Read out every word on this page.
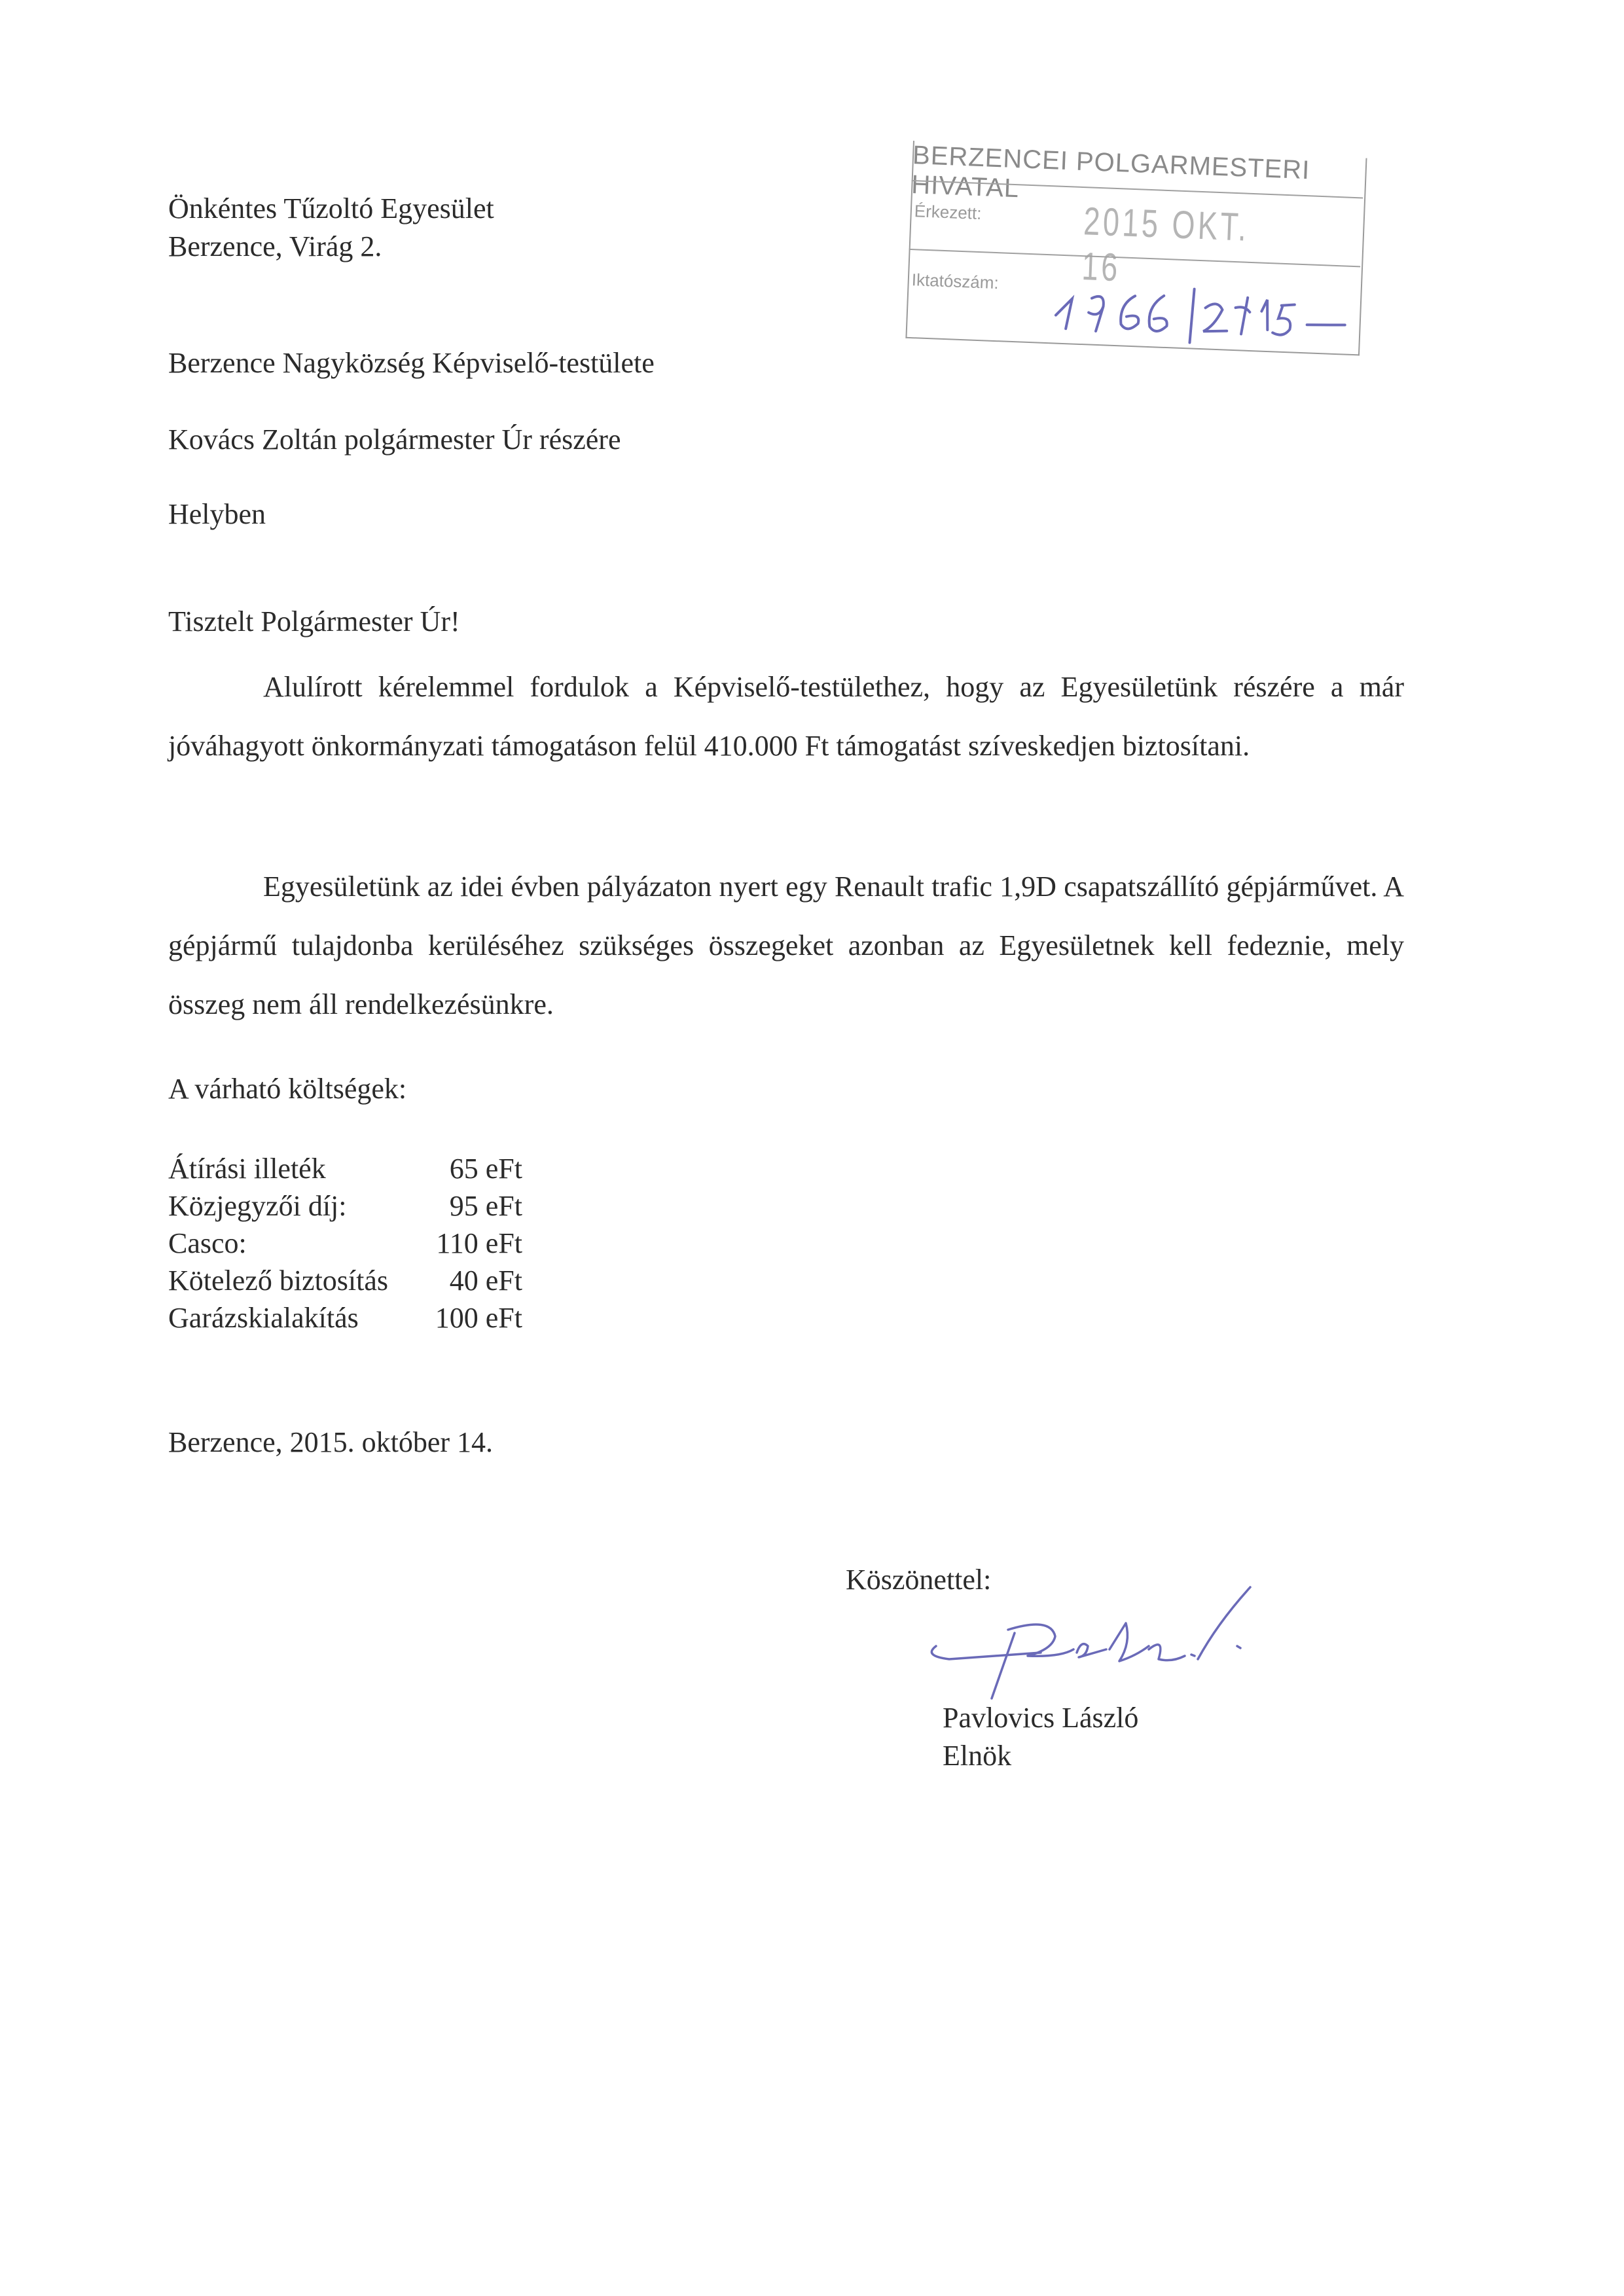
Önkéntes Tűzoltó Egyesület
Berzence, Virág 2.
BERZENCEI POLGARMESTERI HIVATAL
Érkezett:	2015 OKT. 16
Iktatószám:
Berzence Nagyközség Képviselő-testülete
Kovács Zoltán polgármester Úr részére
Helyben
Tisztelt Polgármester Úr!
Alulírott kérelemmel fordulok a Képviselő-testülethez, hogy az Egyesületünk részére a már jóváhagyott önkormányzati támogatáson felül 410.000 Ft támogatást szíveskedjen biztosítani.
Egyesületünk az idei évben pályázaton nyert egy Renault trafic 1,9D csapatszállító gépjárművet. A gépjármű tulajdonba kerüléséhez szükséges összegeket azonban az Egyesületnek kell fedeznie, mely összeg nem áll rendelkezésünkre.
A várható költségek:
Átírási illeték	65 eFt
Közjegyzői díj:	95 eFt
Casco:	110 eFt
Kötelező biztosítás	40 eFt
Garázskialakítás	100 eFt
Berzence, 2015. október 14.
Köszönettel:
Pavlovics László
Elnök
